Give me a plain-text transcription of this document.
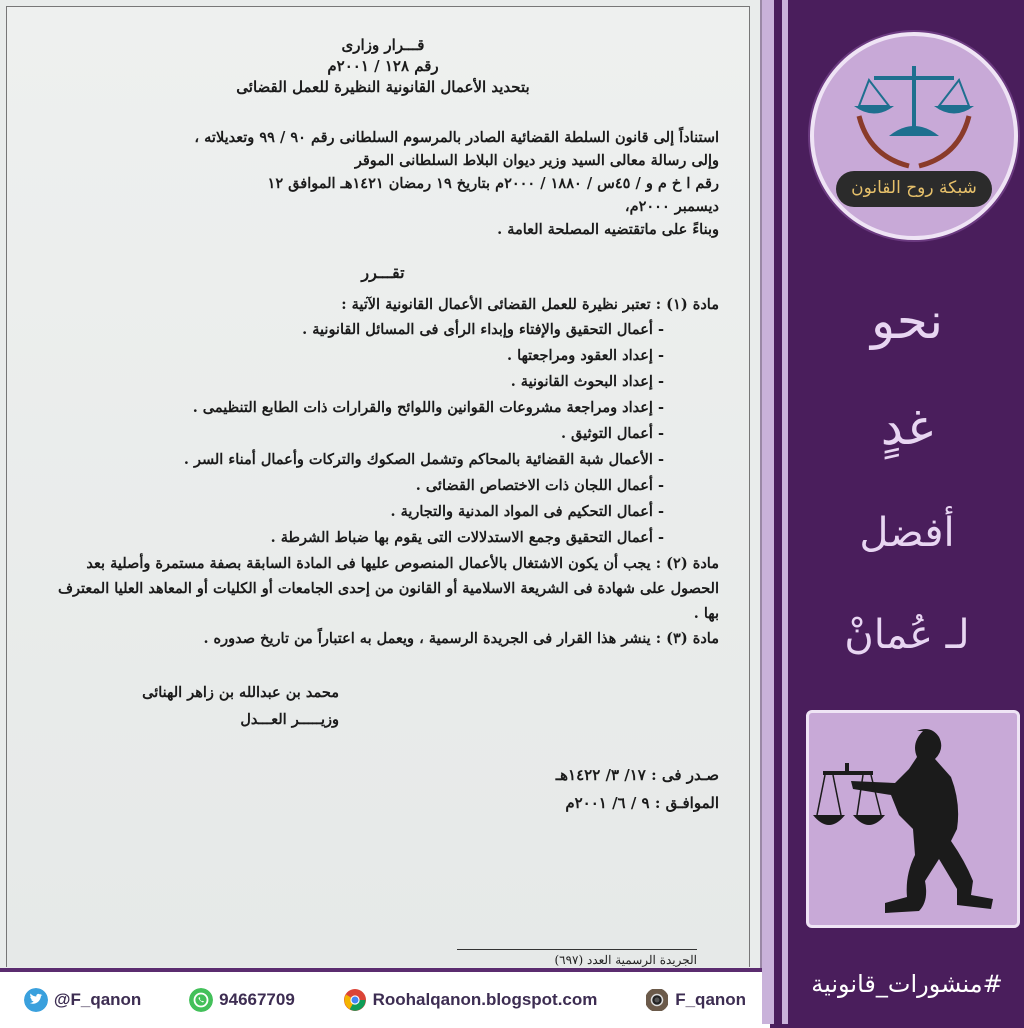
قـــرار وزارى
رقم ١٢٨ / ٢٠٠١م
بتحديد الأعمال القانونية النظيرة للعمل القضائى

استناداً إلى قانون السلطة القضائية الصادر بالمرسوم السلطانى رقم ٩٠ / ٩٩ وتعديلاته ،

وإلى رسالة معالى السيد وزير ديوان البلاط السلطانى الموقر

رقم ا خ م و / ٤٥س / ١٨٨٠ / ٢٠٠٠م بتاريخ ١٩ رمضان ١٤٢١هـ الموافق ١٢

ديسمبر ٢٠٠٠م،

وبناءً على ماتقتضيه المصلحة العامة .

تقـــرر
مادة (١) : تعتبر نظيرة للعمل القضائى الأعمال القانونية الآتية :
- أعمال التحقيق والإفتاء وإبداء الرأى فى المسائل القانونية .
- إعداد العقود ومراجعتها .
- إعداد البحوث القانونية .
- إعداد ومراجعة مشروعات القوانين واللوائح والقرارات ذات الطابع التنظيمى .
- أعمال التوثيق .
- الأعمال شبة القضائية بالمحاكم وتشمل الصكوك والتركات وأعمال أمناء السر .
- أعمال اللجان ذات الاختصاص القضائى .
- أعمال التحكيم فى المواد المدنية والتجارية .
- أعمال التحقيق وجمع الاستدلالات التى يقوم بها ضباط الشرطة .
مادة (٢) : يجب أن يكون الاشتغال بالأعمال المنصوص عليها فى المادة السابقة بصفة مستمرة وأصلية بعد الحصول على شهادة فى الشريعة الاسلامية أو القانون من إحدى الجامعات أو الكليات أو المعاهد العليا المعترف بها .
مادة (٣) : ينشر هذا القرار فى الجريدة الرسمية ، ويعمل به اعتباراً من تاريخ صدوره .
محمد بن عبدالله بن زاهر الهنائى
وزيـــــر العـــدل
صـدر فى : ١٧/ ٣/ ١٤٢٢هـ
الموافـق : ٩ / ٦/ ٢٠٠١م
الجريدة الرسمية العدد (٦٩٧)
@F_qanon	94667709	Roohalqanon.blogspot.com	F_qanon
شبكة روح القانون
نحو
غدٍ
أفضل
لـ عُمانْ
#منشورات_قانونية
